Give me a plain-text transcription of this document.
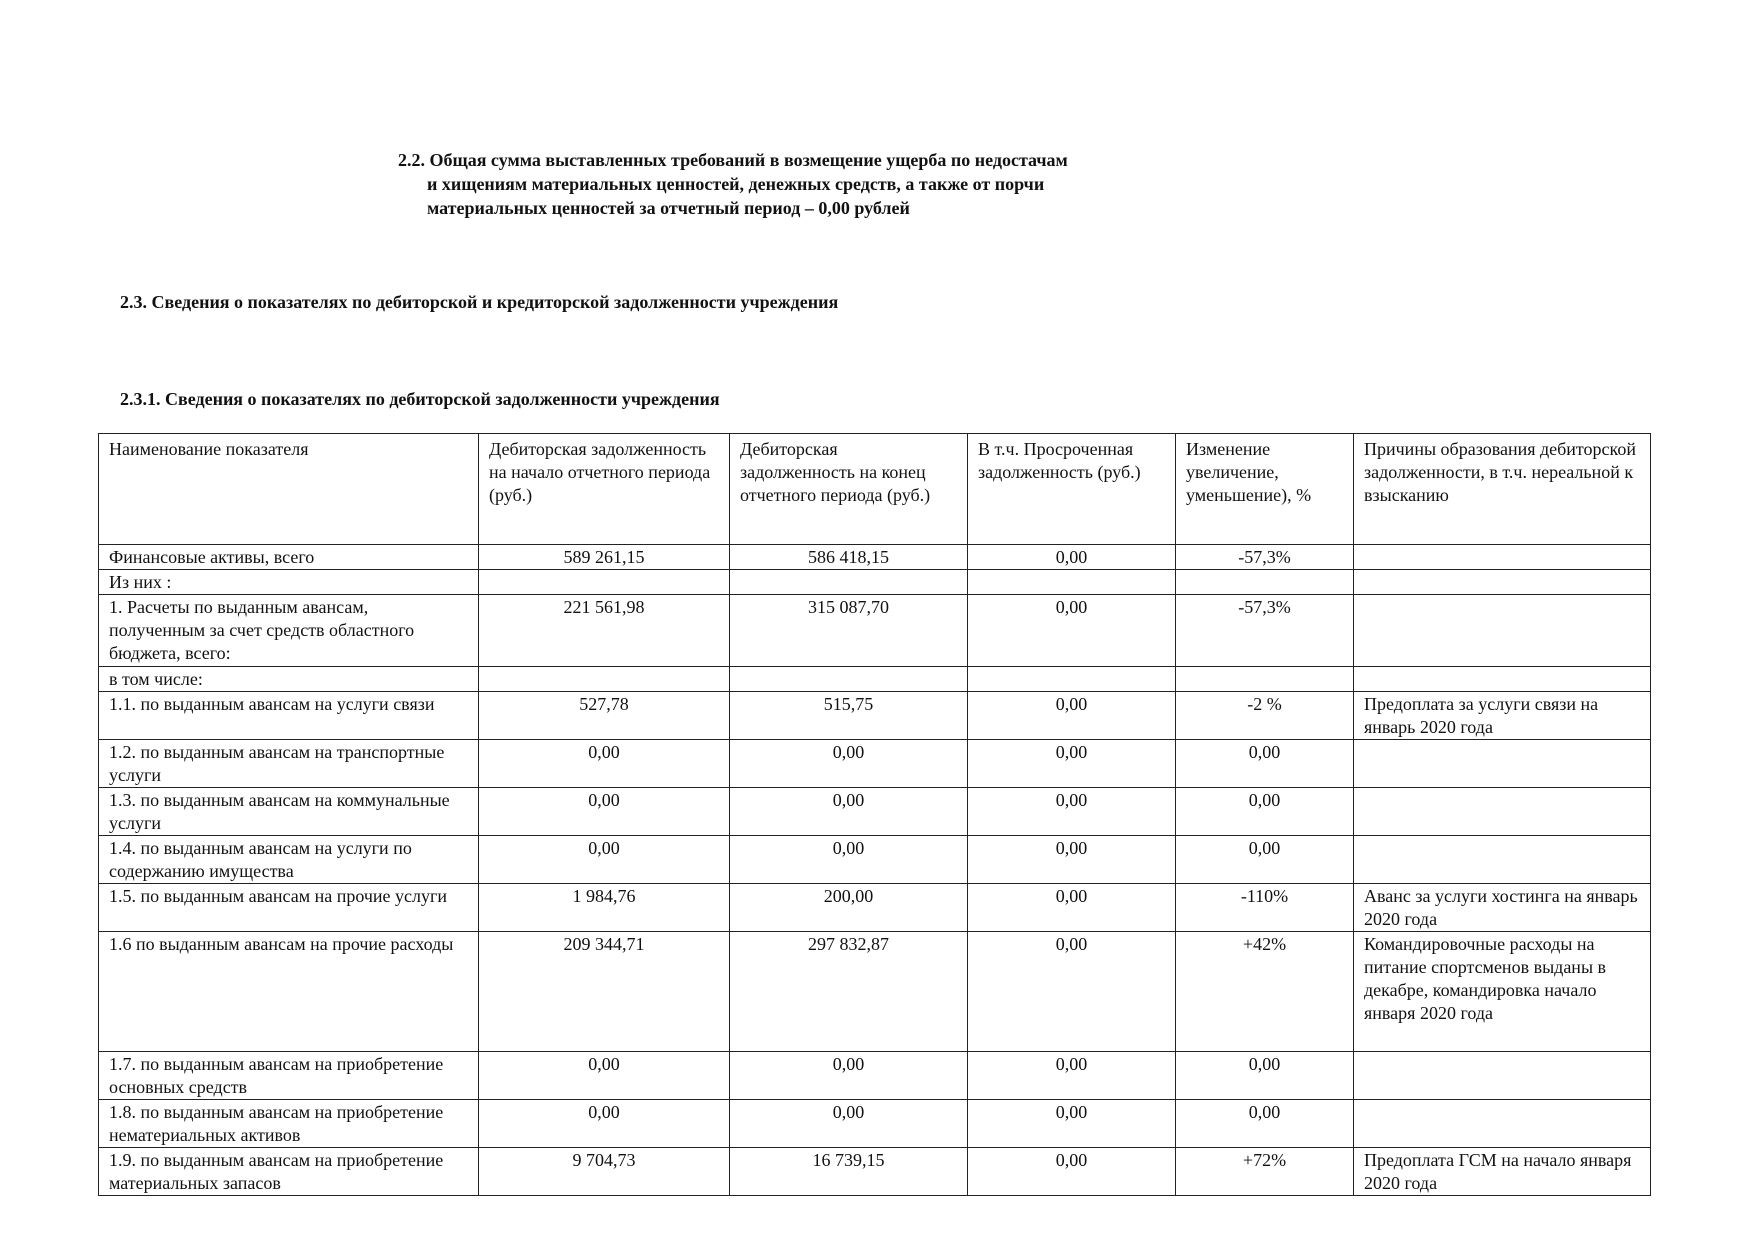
2.2. Общая сумма выставленных требований в возмещение ущерба по недостачам
и хищениям материальных ценностей, денежных средств, а также от порчи
материальных ценностей за отчетный период – 0,00 рублей
2.3. Сведения о показателях по дебиторской и кредиторской задолженности учреждения
2.3.1. Сведения о показателях по дебиторской задолженности учреждения
Наименование показателя	Дебиторская задолженность на начало отчетного периода (руб.)	Дебиторская задолженность на конец отчетного периода (руб.)	В т.ч. Просроченная задолженность (руб.)	Изменение увеличение, уменьшение), %	Причины образования дебиторской задолженности, в т.ч. нереальной к взысканию
Финансовые активы, всего	589 261,15	586 418,15	0,00	-57,3%	
Из них :					
1. Расчеты по выданным авансам, полученным за счет средств областного бюджета, всего:	221 561,98	315 087,70	0,00	-57,3%	
в том числе:					
1.1. по выданным авансам на услуги связи	527,78	515,75	0,00	-2 %	Предоплата за услуги связи на январь 2020 года
1.2. по выданным авансам на транспортные услуги	0,00	0,00	0,00	0,00	
1.3. по выданным авансам на коммунальные услуги	0,00	0,00	0,00	0,00	
1.4. по выданным авансам на услуги по содержанию имущества	0,00	0,00	0,00	0,00	
1.5. по выданным авансам на прочие услуги	1 984,76	200,00	0,00	-110%	Аванс за услуги хостинга на январь 2020 года
1.6 по выданным авансам на прочие расходы	209 344,71	297 832,87	0,00	+42%	Командировочные расходы на питание спортсменов выданы в декабре, командировка начало января 2020 года
1.7. по выданным авансам на приобретение основных средств	0,00	0,00	0,00	0,00	
1.8. по выданным авансам на приобретение нематериальных активов	0,00	0,00	0,00	0,00	
1.9. по выданным авансам на приобретение материальных запасов	9 704,73	16 739,15	0,00	+72%	Предоплата ГСМ на начало января 2020 года
